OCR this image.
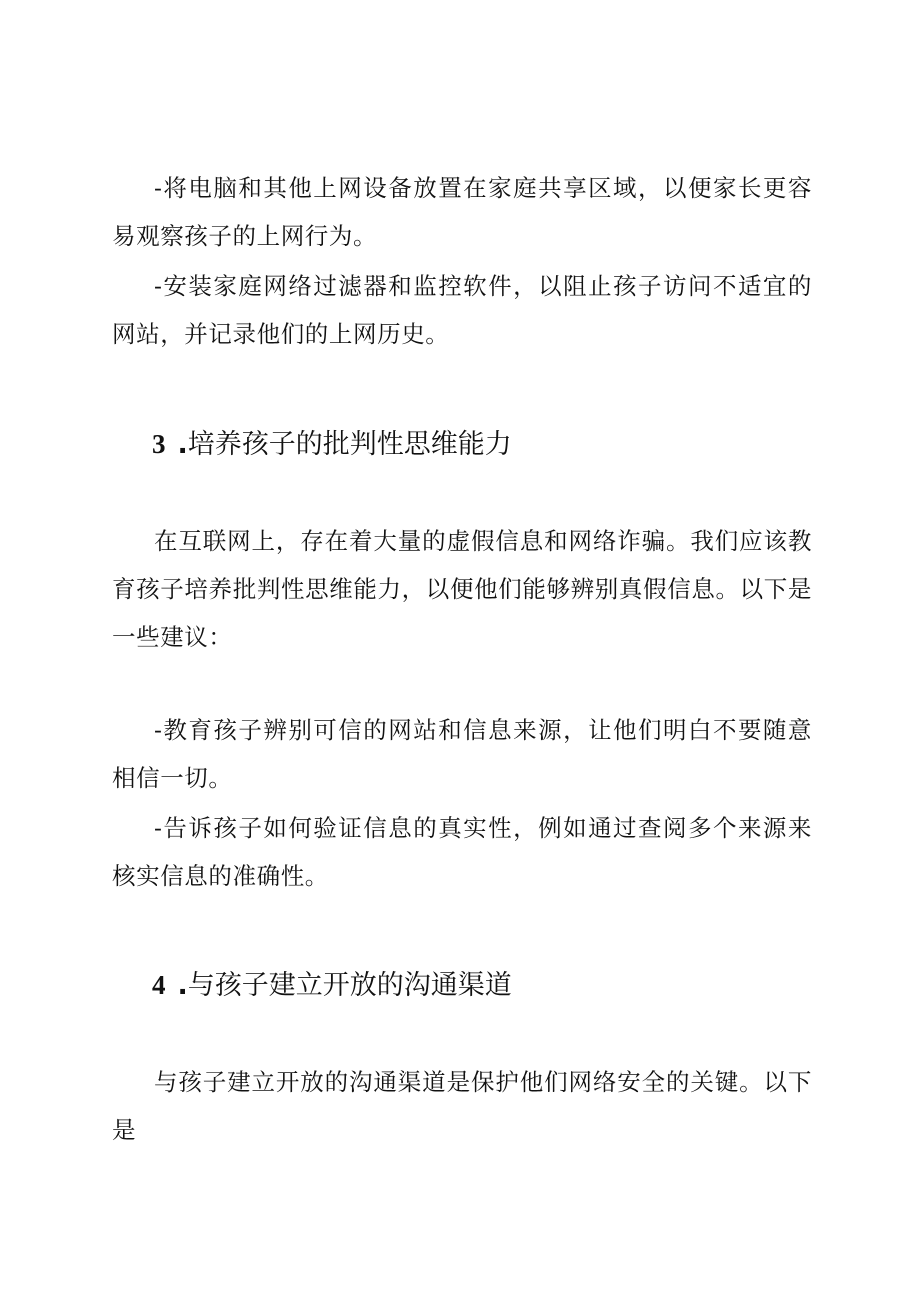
-将电脑和其他上网设备放置在家庭共享区域，以便家长更容易观察孩子的上网行为。

-安装家庭网络过滤器和监控软件，以阻止孩子访问不适宜的网站，并记录他们的上网历史。

3 .培养孩子的批判性思维能力

在互联网上，存在着大量的虚假信息和网络诈骗。我们应该教育孩子培养批判性思维能力，以便他们能够辨别真假信息。以下是一些建议：

-教育孩子辨别可信的网站和信息来源，让他们明白不要随意相信一切。

-告诉孩子如何验证信息的真实性，例如通过查阅多个来源来核实信息的准确性。

4 .与孩子建立开放的沟通渠道

与孩子建立开放的沟通渠道是保护他们网络安全的关键。以下是
